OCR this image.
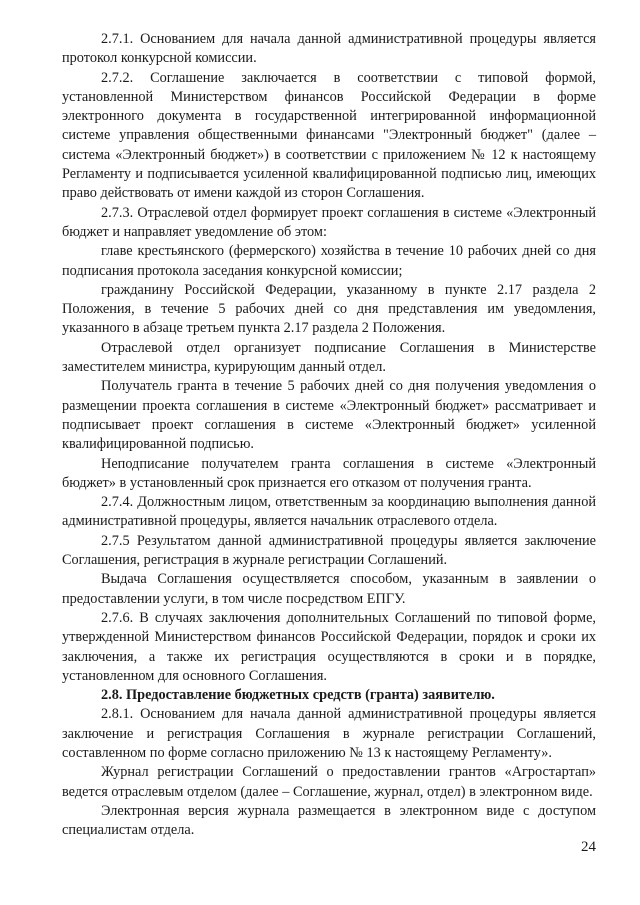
2.7.1. Основанием для начала данной административной процедуры является протокол конкурсной комиссии.

2.7.2. Соглашение заключается в соответствии с типовой формой, установленной Министерством финансов Российской Федерации в форме электронного документа в государственной интегрированной информационной системе управления общественными финансами "Электронный бюджет" (далее – система «Электронный бюджет») в соответствии с приложением № 12 к настоящему Регламенту и подписывается усиленной квалифицированной подписью лиц, имеющих право действовать от имени каждой из сторон Соглашения.

2.7.3. Отраслевой отдел формирует проект соглашения в системе «Электронный бюджет и направляет уведомление об этом:

главе крестьянского (фермерского) хозяйства в течение 10 рабочих дней со дня подписания протокола заседания конкурсной комиссии;

гражданину Российской Федерации, указанному в пункте 2.17 раздела 2 Положения, в течение 5 рабочих дней со дня представления им уведомления, указанного в абзаце третьем пункта 2.17 раздела 2 Положения.

Отраслевой отдел организует подписание Соглашения в Министерстве заместителем министра, курирующим данный отдел.

Получатель гранта в течение 5 рабочих дней со дня получения уведомления о размещении проекта соглашения в системе «Электронный бюджет» рассматривает и подписывает проект соглашения в системе «Электронный бюджет» усиленной квалифицированной подписью.

Неподписание получателем гранта соглашения в системе «Электронный бюджет» в установленный срок признается его отказом от получения гранта.

2.7.4. Должностным лицом, ответственным за координацию выполнения данной административной процедуры, является начальник отраслевого отдела.

2.7.5 Результатом данной административной процедуры является заключение Соглашения, регистрация в журнале регистрации Соглашений.

Выдача Соглашения осуществляется способом, указанным в заявлении о предоставлении услуги, в том числе посредством ЕПГУ.

2.7.6. В случаях заключения дополнительных Соглашений по типовой форме, утвержденной Министерством финансов Российской Федерации, порядок и сроки их заключения, а также их регистрация осуществляются в сроки и в порядке, установленном для основного Соглашения.

2.8. Предоставление бюджетных средств (гранта) заявителю.

2.8.1. Основанием для начала данной административной процедуры является заключение и регистрация Соглашения в журнале регистрации Соглашений, составленном по форме согласно приложению № 13 к настоящему Регламенту».

Журнал регистрации Соглашений о предоставлении грантов «Агростартап» ведется отраслевым отделом (далее – Соглашение, журнал, отдел) в электронном виде.

Электронная версия журнала размещается в электронном виде с доступом специалистам отдела.

24
